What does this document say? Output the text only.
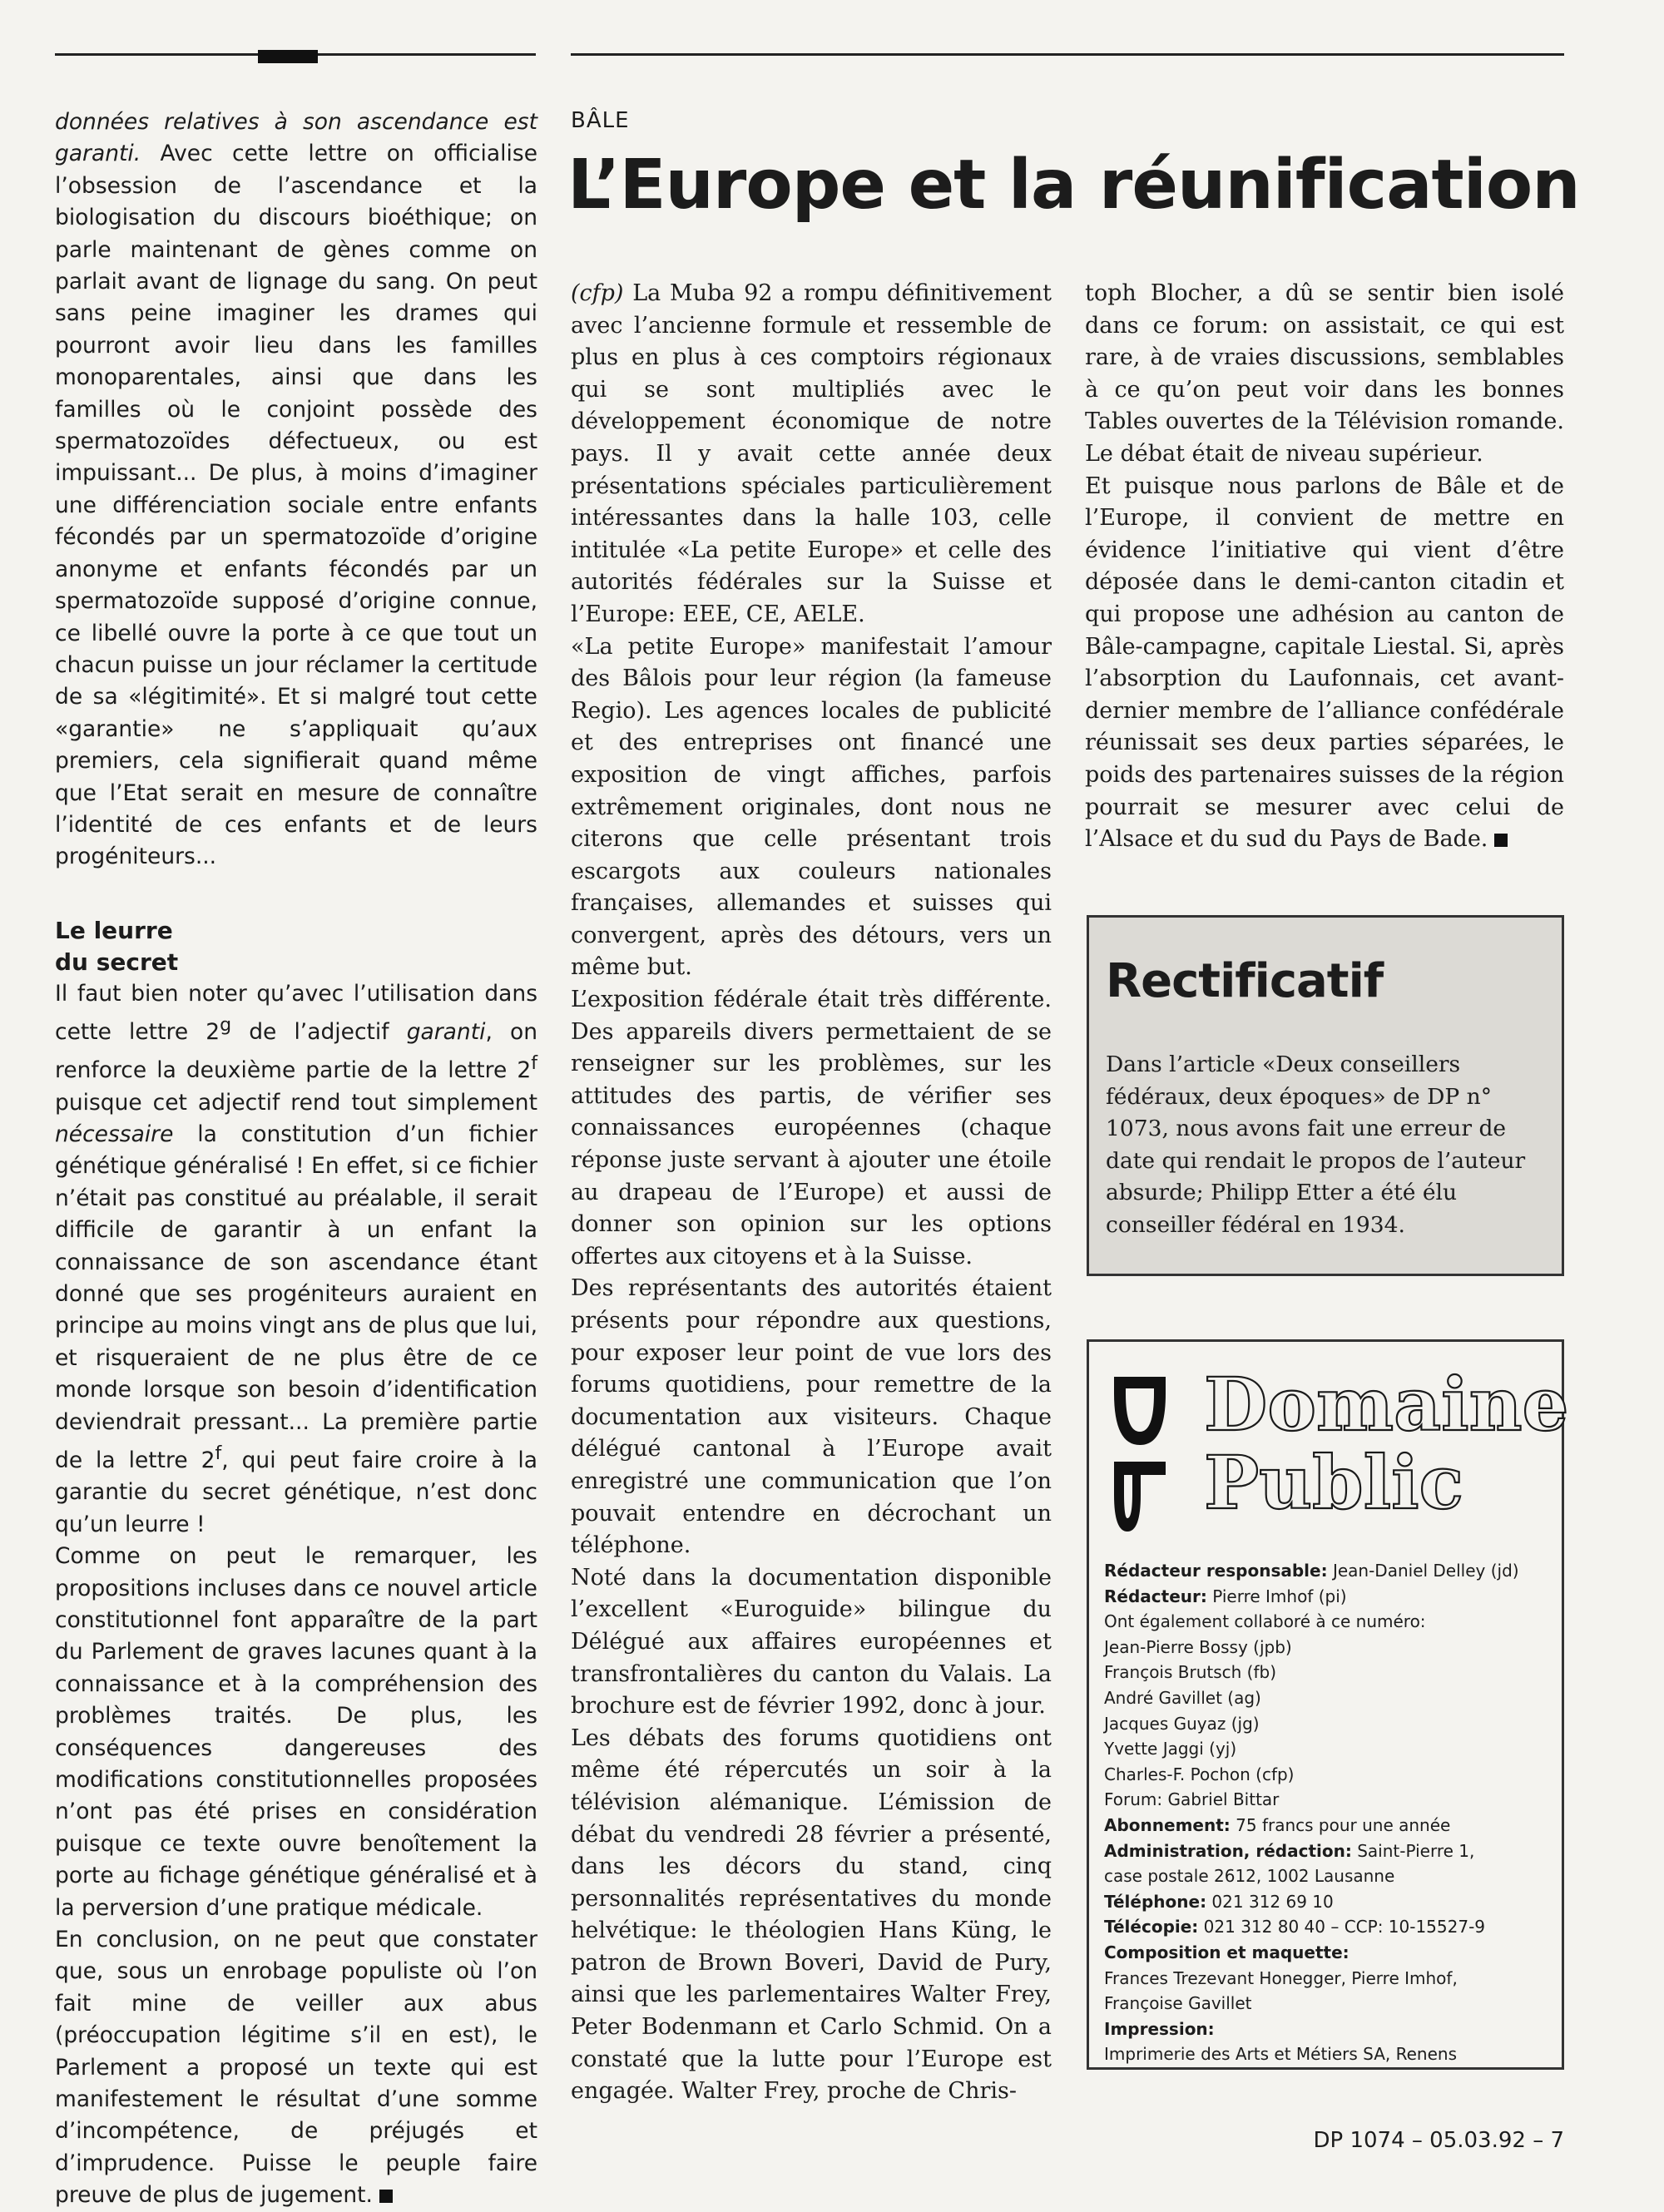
données relatives à son ascendance est garanti. Avec cette lettre on officialise l’obsession de l’ascendance et la biologisation du discours bioéthique; on parle maintenant de gènes comme on parlait avant de lignage du sang. On peut sans peine imaginer les drames qui pourront avoir lieu dans les familles monoparentales, ainsi que dans les familles où le conjoint possède des spermatozoïdes défectueux, ou est impuissant... De plus, à moins d’imaginer une différenciation sociale entre enfants fécondés par un spermatozoïde d’origine anonyme et enfants fécondés par un spermatozoïde supposé d’origine connue, ce libellé ouvre la porte à ce que tout un chacun puisse un jour réclamer la certitude de sa «légitimité». Et si malgré tout cette «garantie» ne s’appliquait qu’aux premiers, cela signifierait quand même que l’Etat serait en mesure de connaître l’identité de ces enfants et de leurs progéniteurs...

Le leurre
du secret

Il faut bien noter qu’avec l’utilisation dans cette lettre 2$^g$ de l’adjectif garanti, on renforce la deuxième partie de la lettre 2$^f$ puisque cet adjectif rend tout simplement nécessaire la constitution d’un fichier génétique généralisé ! En effet, si ce fichier n’était pas constitué au préalable, il serait difficile de garantir à un enfant la connaissance de son ascendance étant donné que ses progéniteurs auraient en principe au moins vingt ans de plus que lui, et risqueraient de ne plus être de ce monde lorsque son besoin d’identification deviendrait pressant... La première partie de la lettre 2$^f$, qui peut faire croire à la garantie du secret génétique, n’est donc qu’un leurre !

Comme on peut le remarquer, les propositions incluses dans ce nouvel article constitutionnel font apparaître de la part du Parlement de graves lacunes quant à la connaissance et à la compréhension des problèmes traités. De plus, les conséquences dangereuses des modifications constitutionnelles proposées n’ont pas été prises en considération puisque ce texte ouvre benoîtement la porte au fichage génétique généralisé et à la perversion d’une pratique médicale.

En conclusion, on ne peut que constater que, sous un enrobage populiste où l’on fait mine de veiller aux abus (préoccupation légitime s’il en est), le Parlement a proposé un texte qui est manifestement le résultat d’une somme d’incompétence, de préjugés et d’imprudence. Puisse le peuple faire preuve de plus de jugement.

BÂLE
L’Europe et la réunification

(cfp) La Muba 92 a rompu définitivement avec l’ancienne formule et ressemble de plus en plus à ces comptoirs régionaux qui se sont multipliés avec le développement économique de notre pays. Il y avait cette année deux présentations spéciales particulièrement intéressantes dans la halle 103, celle intitulée «La petite Europe» et celle des autorités fédérales sur la Suisse et l’Europe: EEE, CE, AELE.

«La petite Europe» manifestait l’amour des Bâlois pour leur région (la fameuse Regio). Les agences locales de publicité et des entreprises ont financé une exposition de vingt affiches, parfois extrêmement originales, dont nous ne citerons que celle présentant trois escargots aux couleurs nationales françaises, allemandes et suisses qui convergent, après des détours, vers un même but.

L’exposition fédérale était très différente. Des appareils divers permettaient de se renseigner sur les problèmes, sur les attitudes des partis, de vérifier ses connaissances européennes (chaque réponse juste servant à ajouter une étoile au drapeau de l’Europe) et aussi de donner son opinion sur les options offertes aux citoyens et à la Suisse.

Des représentants des autorités étaient présents pour répondre aux questions, pour exposer leur point de vue lors des forums quotidiens, pour remettre de la documentation aux visiteurs. Chaque délégué cantonal à l’Europe avait enregistré une communication que l’on pouvait entendre en décrochant un téléphone.

Noté dans la documentation disponible l’excellent «Euroguide» bilingue du Délégué aux affaires européennes et transfrontalières du canton du Valais. La brochure est de février 1992, donc à jour.

Les débats des forums quotidiens ont même été répercutés un soir à la télévision alémanique. L’émission de débat du vendredi 28 février a présenté, dans les décors du stand, cinq personnalités représentatives du monde helvétique: le théologien Hans Küng, le patron de Brown Boveri, David de Pury, ainsi que les parlementaires Walter Frey, Peter Bodenmann et Carlo Schmid. On a constaté que la lutte pour l’Europe est engagée. Walter Frey, proche de Chris-

toph Blocher, a dû se sentir bien isolé dans ce forum: on assistait, ce qui est rare, à de vraies discussions, semblables à ce qu’on peut voir dans les bonnes Tables ouvertes de la Télévision romande. Le débat était de niveau supérieur.

Et puisque nous parlons de Bâle et de l’Europe, il convient de mettre en évidence l’initiative qui vient d’être déposée dans le demi-canton citadin et qui propose une adhésion au canton de Bâle-campagne, capitale Liestal. Si, après l’absorption du Laufonnais, cet avant-dernier membre de l’alliance confédérale réunissait ses deux parties séparées, le poids des partenaires suisses de la région pourrait se mesurer avec celui de l’Alsace et du sud du Pays de Bade.

Rectificatif
Dans l’article «Deux conseillers fédéraux, deux époques» de DP n° 1073, nous avons fait une erreur de date qui rendait le propos de l’auteur absurde; Philipp Etter a été élu conseiller fédéral en 1934.
Domaine
Public
Rédacteur responsable: Jean-Daniel Delley (jd)
Rédacteur: Pierre Imhof (pi)
Ont également collaboré à ce numéro:
Jean-Pierre Bossy (jpb)
François Brutsch (fb)
André Gavillet (ag)
Jacques Guyaz (jg)
Yvette Jaggi (yj)
Charles-F. Pochon (cfp)
Forum: Gabriel Bittar
Abonnement: 75 francs pour une année
Administration, rédaction: Saint-Pierre 1,
case postale 2612, 1002 Lausanne
Téléphone: 021 312 69 10
Télécopie: 021 312 80 40 – CCP: 10-15527-9
Composition et maquette:
Frances Trezevant Honegger, Pierre Imhof,
Françoise Gavillet
Impression:
Imprimerie des Arts et Métiers SA, Renens
DP 1074 – 05.03.92 – 7
